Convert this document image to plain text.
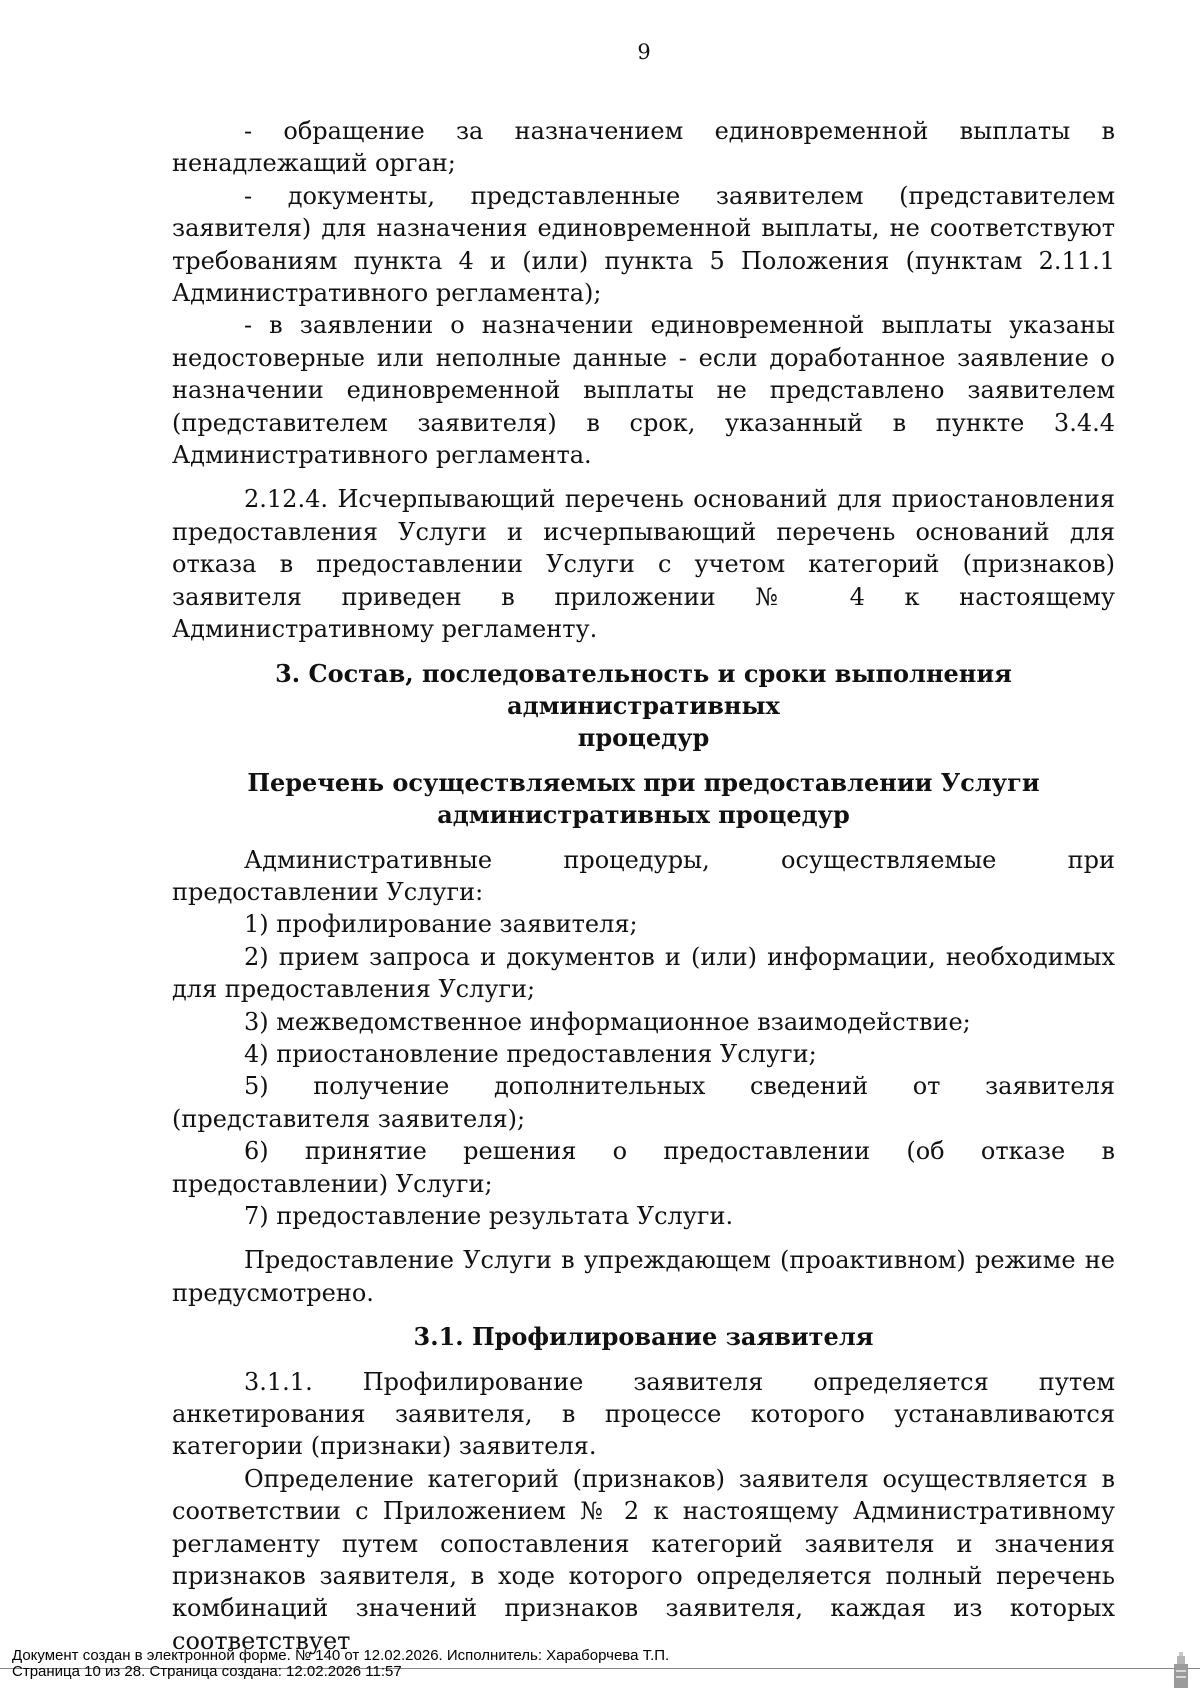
9

- обращение за назначением единовременной выплаты в ненадлежащий орган;

- документы, представленные заявителем (представителем заявителя) для назначения единовременной выплаты, не соответствуют требованиям пункта 4 и (или) пункта 5 Положения (пунктам 2.11.1 Административного регламента);

- в заявлении о назначении единовременной выплаты указаны недостоверные или неполные данные - если доработанное заявление о назначении единовременной выплаты не представлено заявителем (представителем заявителя) в срок, указанный в пункте 3.4.4 Административного регламента.

2.12.4. Исчерпывающий перечень оснований для приостановления предоставления Услуги и исчерпывающий перечень оснований для отказа в предоставлении Услуги с учетом категорий (признаков) заявителя приведен в приложении № 4 к настоящему Административному регламенту.

3. Состав, последовательность и сроки выполнения административных

процедур

Перечень осуществляемых при предоставлении Услуги

административных процедур

Административные процедуры, осуществляемые при предоставлении Услуги:

1) профилирование заявителя;

2) прием запроса и документов и (или) информации, необходимых для предоставления Услуги;

3) межведомственное информационное взаимодействие;

4) приостановление предоставления Услуги;

5) получение дополнительных сведений от заявителя (представителя заявителя);

6) принятие решения о предоставлении (об отказе в предоставлении) Услуги;

7) предоставление результата Услуги.

Предоставление Услуги в упреждающем (проактивном) режиме не предусмотрено.

3.1. Профилирование заявителя

3.1.1. Профилирование заявителя определяется путем анкетирования заявителя, в процессе которого устанавливаются категории (признаки) заявителя.

Определение категорий (признаков) заявителя осуществляется в соответствии с Приложением № 2 к настоящему Административному регламенту путем сопоставления категорий заявителя и значения признаков заявителя, в ходе которого определяется полный перечень комбинаций значений признаков заявителя, каждая из которых соответствует

Документ создан в электронной форме. № 140 от 12.02.2026. Исполнитель: Хараборчева Т.П.
Страница 10 из 28. Страница создана: 12.02.2026 11:57
